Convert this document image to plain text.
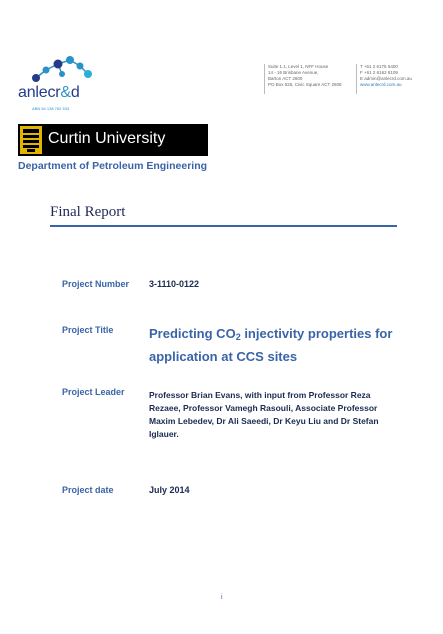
anlecr&d
ABN 64 138 762 533
Suite 1.1, Level 1, NFF House
14 - 16 Brisbane Avenue,
Barton ACT 2600
PO Box 526, Civic Square ACT 2608
T +61 2 6175 6400
F +61 2 6162 8109
E admin@anlecrd.com.au
www.anlecrd.com.au
Curtin University
Department of Petroleum Engineering
Final Report
Project Number 3-1110-0122
Project Title	Predicting $CO_2$ injectivity properties for application at CCS sites
Project Leader	Professor Brian Evans, with input from Professor Reza Rezaee, Professor Vamegh Rasouli, Associate Professor Maxim Lebedev, Dr Ali Saeedi, Dr Keyu Liu and Dr Stefan Iglauer.
Project date	July 2014
i
